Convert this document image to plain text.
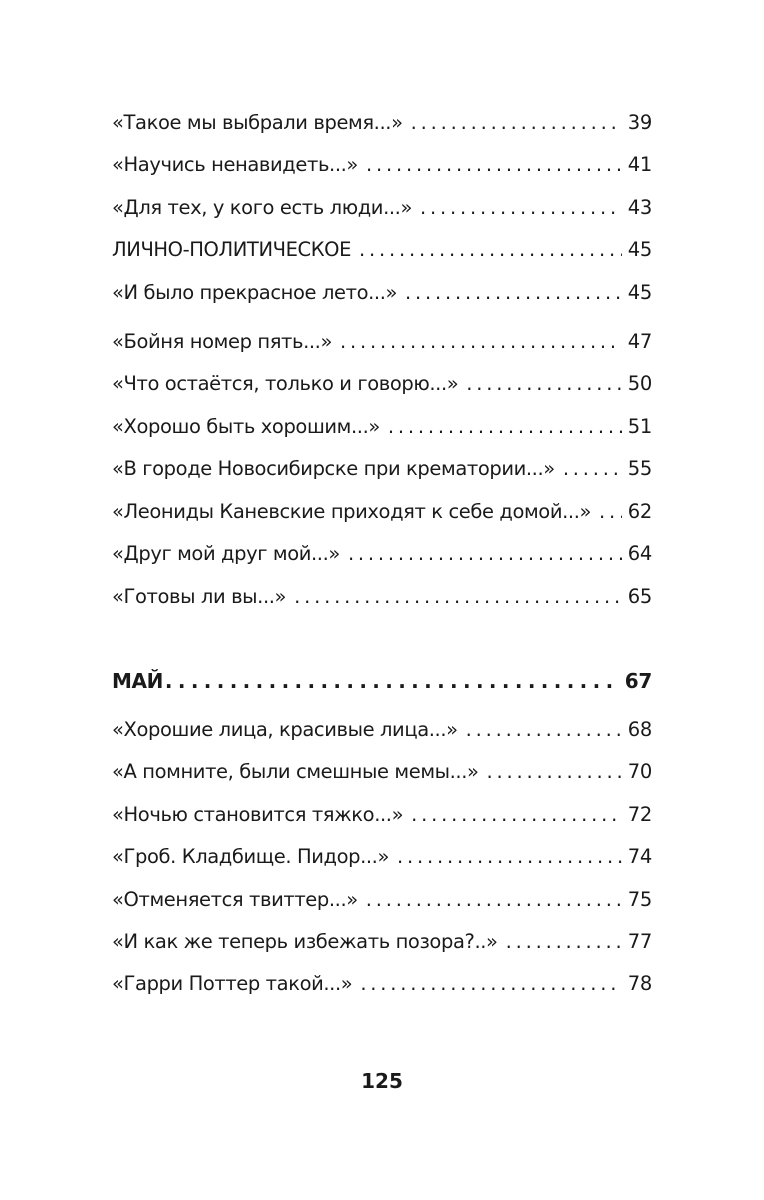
«Такое мы выбрали время...» . . .	39
«Научись ненавидеть...» . . .	41
«Для тех, у кого есть люди...» . . .	43
ЛИЧНО-ПОЛИТИЧЕСКОЕ . . .	45
«И было прекрасное лето...» . . .	45
«Бойня номер пять...» . . .	47
«Что остаётся, только и говорю...» . . .	50
«Хорошо быть хорошим...» . . .	51
«В городе Новосибирске при крематории...» . . .	55
«Леониды Каневские приходят к себе домой...» . . . 62
«Друг мой друг мой...» . . .	64
«Готовы ли вы...» . . .	65
МАЙ . . .	67
«Хорошие лица, красивые лица...» . . .	68
«А помните, были смешные мемы...» . . .	70
«Ночью становится тяжко...» . . .	72
«Гроб. Кладбище. Пидор...» . . .	74
«Отменяется твиттер...» . . .	75
«И как же теперь избежать позора?..» . . .	77
«Гарри Поттер такой...» . . .	78
125
